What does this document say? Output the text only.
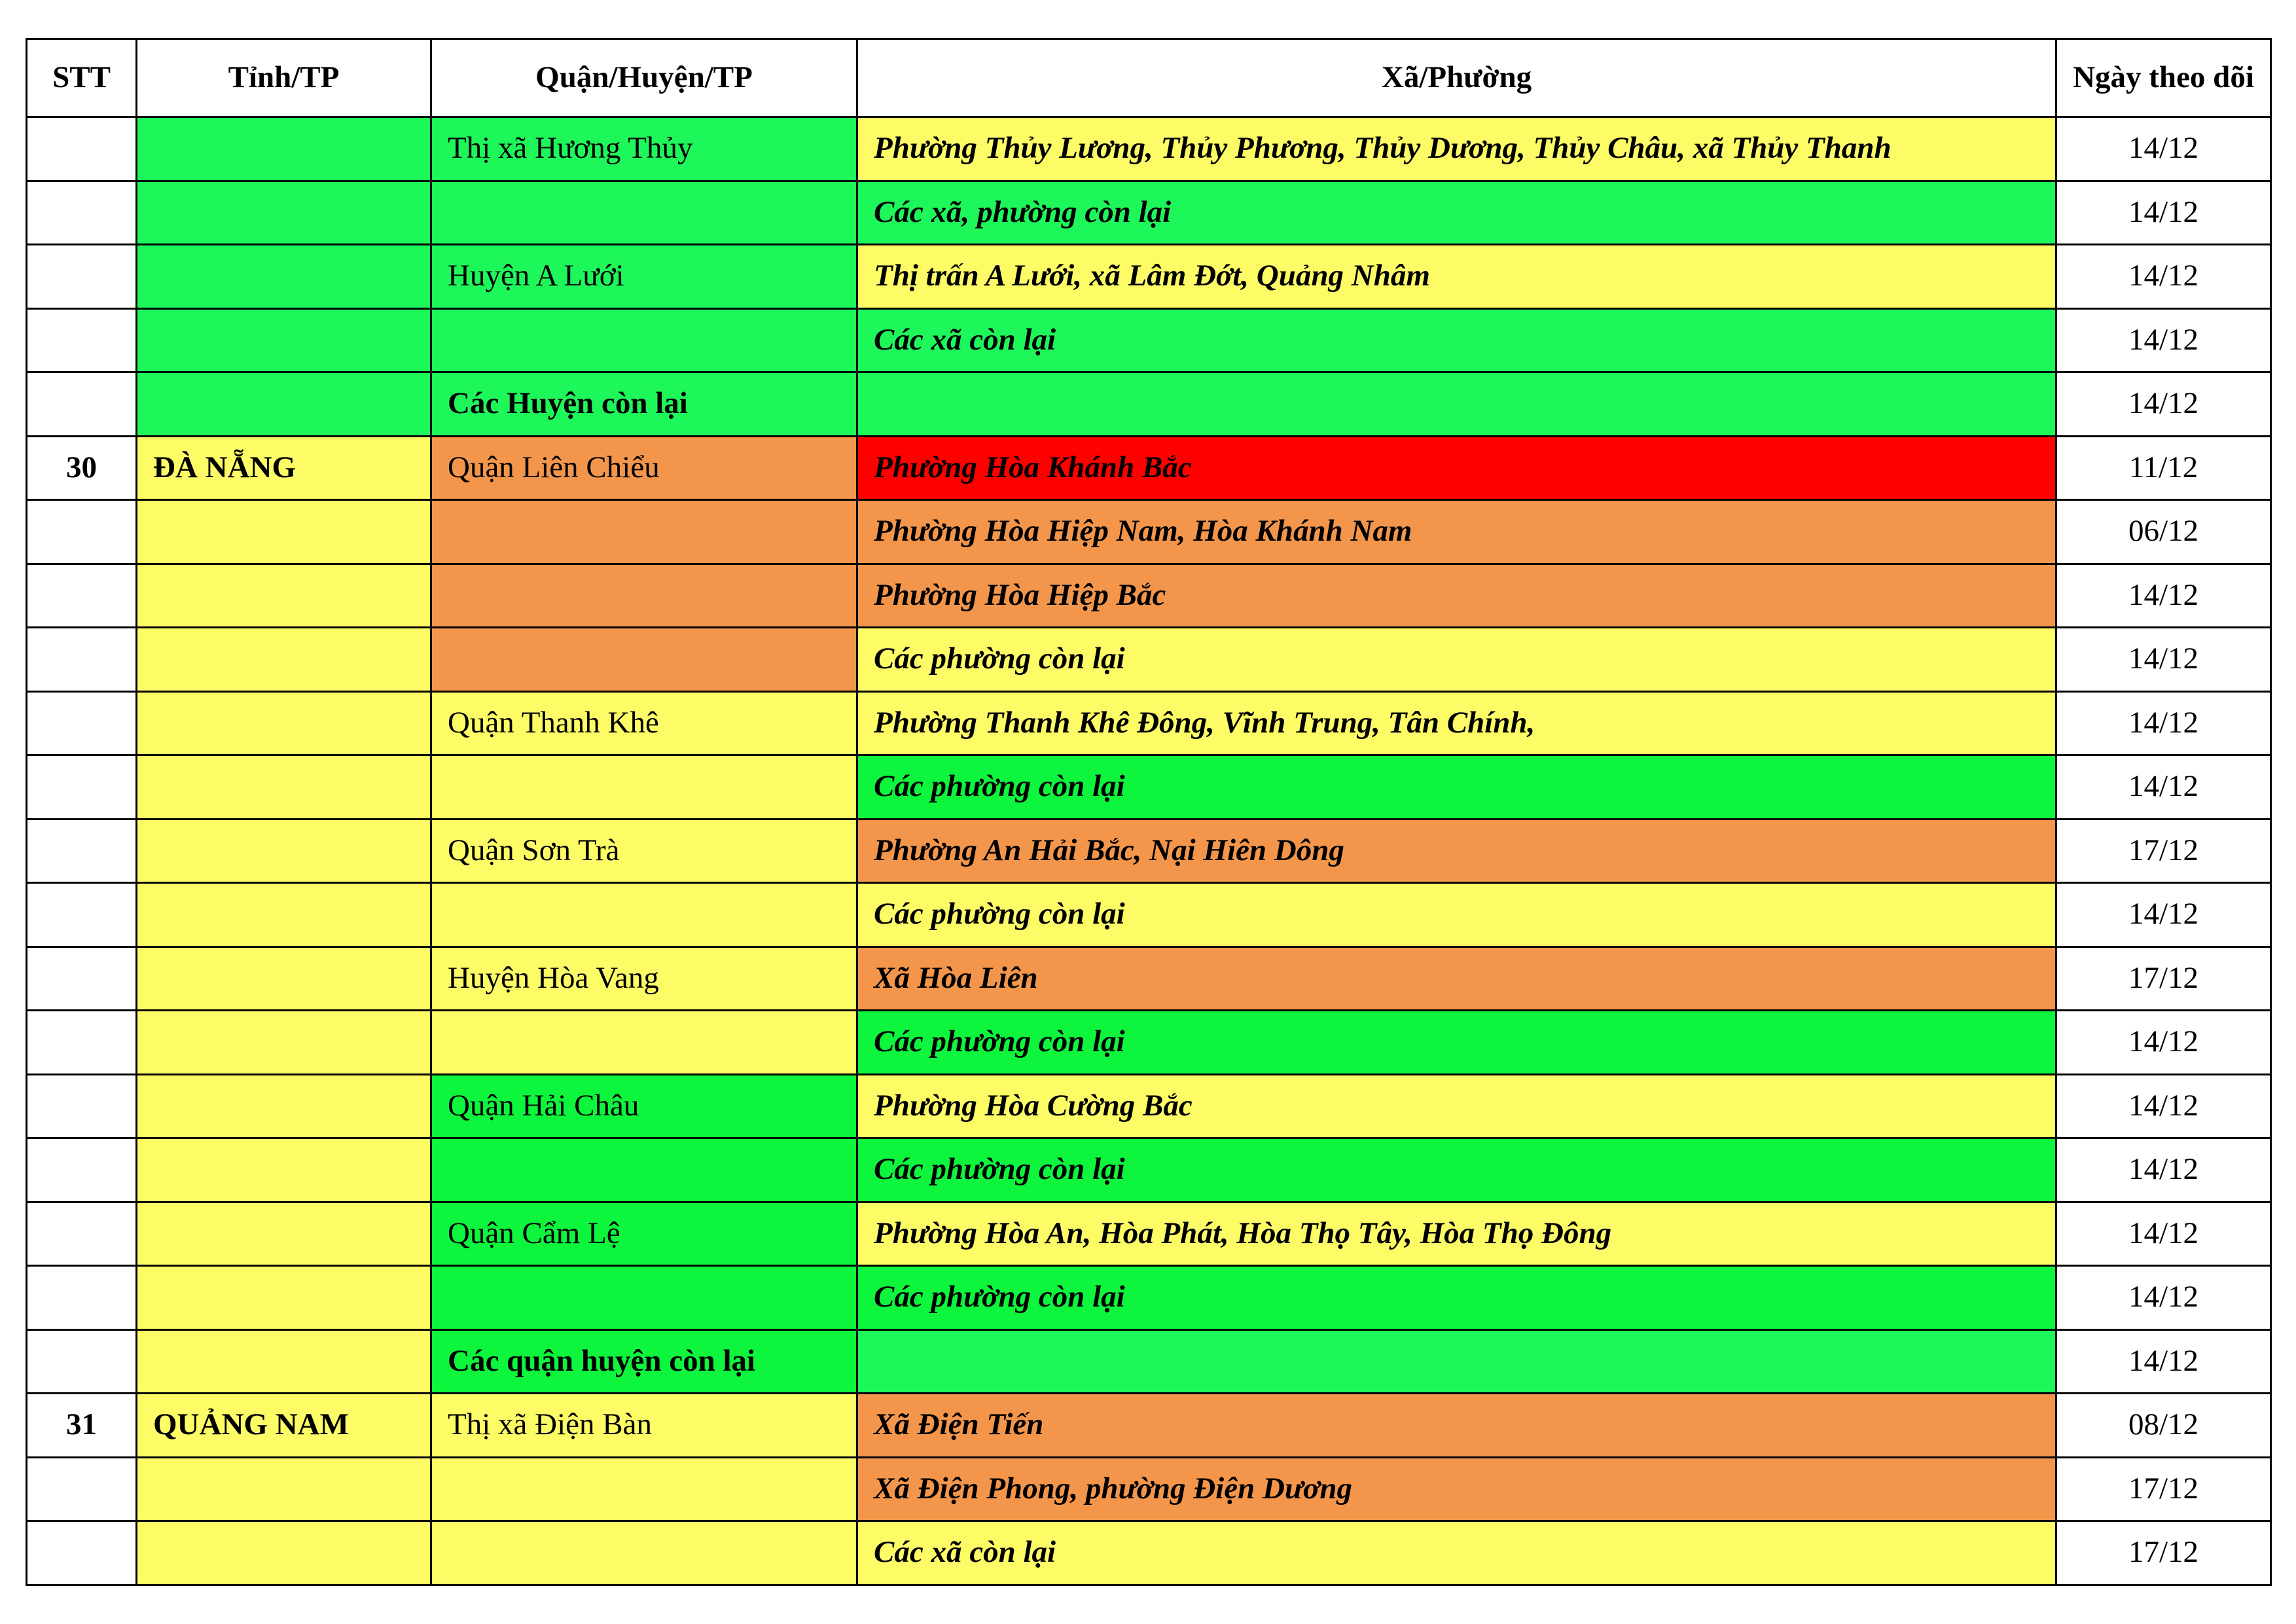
STT	Tỉnh/TP	Quận/Huyện/TP	Xã/Phường	Ngày theo dõi
		Thị xã Hương Thủy	Phường Thủy Lương, Thủy Phương, Thủy Dương, Thủy Châu, xã Thủy Thanh	14/12
			Các xã, phường còn lại	14/12
		Huyện A Lưới	Thị trấn A Lưới, xã Lâm Đớt, Quảng Nhâm	14/12
			Các xã còn lại	14/12
		Các Huyện còn lại		14/12
30	ĐÀ NẴNG	Quận Liên Chiểu	Phường Hòa Khánh Bắc	11/12
			Phường Hòa Hiệp Nam, Hòa Khánh Nam	06/12
			Phường Hòa Hiệp Bắc	14/12
			Các phường còn lại	14/12
		Quận Thanh Khê	Phường Thanh Khê Đông, Vĩnh Trung, Tân Chính,	14/12
			Các phường còn lại	14/12
		Quận Sơn Trà	Phường An Hải Bắc, Nại Hiên Dông	17/12
			Các phường còn lại	14/12
		Huyện Hòa Vang	Xã Hòa Liên	17/12
			Các phường còn lại	14/12
		Quận Hải Châu	Phường Hòa Cường Bắc	14/12
			Các phường còn lại	14/12
		Quận Cẩm Lệ	Phường Hòa An, Hòa Phát, Hòa Thọ Tây, Hòa Thọ Đông	14/12
			Các phường còn lại	14/12
		Các quận huyện còn lại		14/12
31	QUẢNG NAM	Thị xã Điện Bàn	Xã Điện Tiến	08/12
			Xã Điện Phong, phường Điện Dương	17/12
			Các xã còn lại	17/12
